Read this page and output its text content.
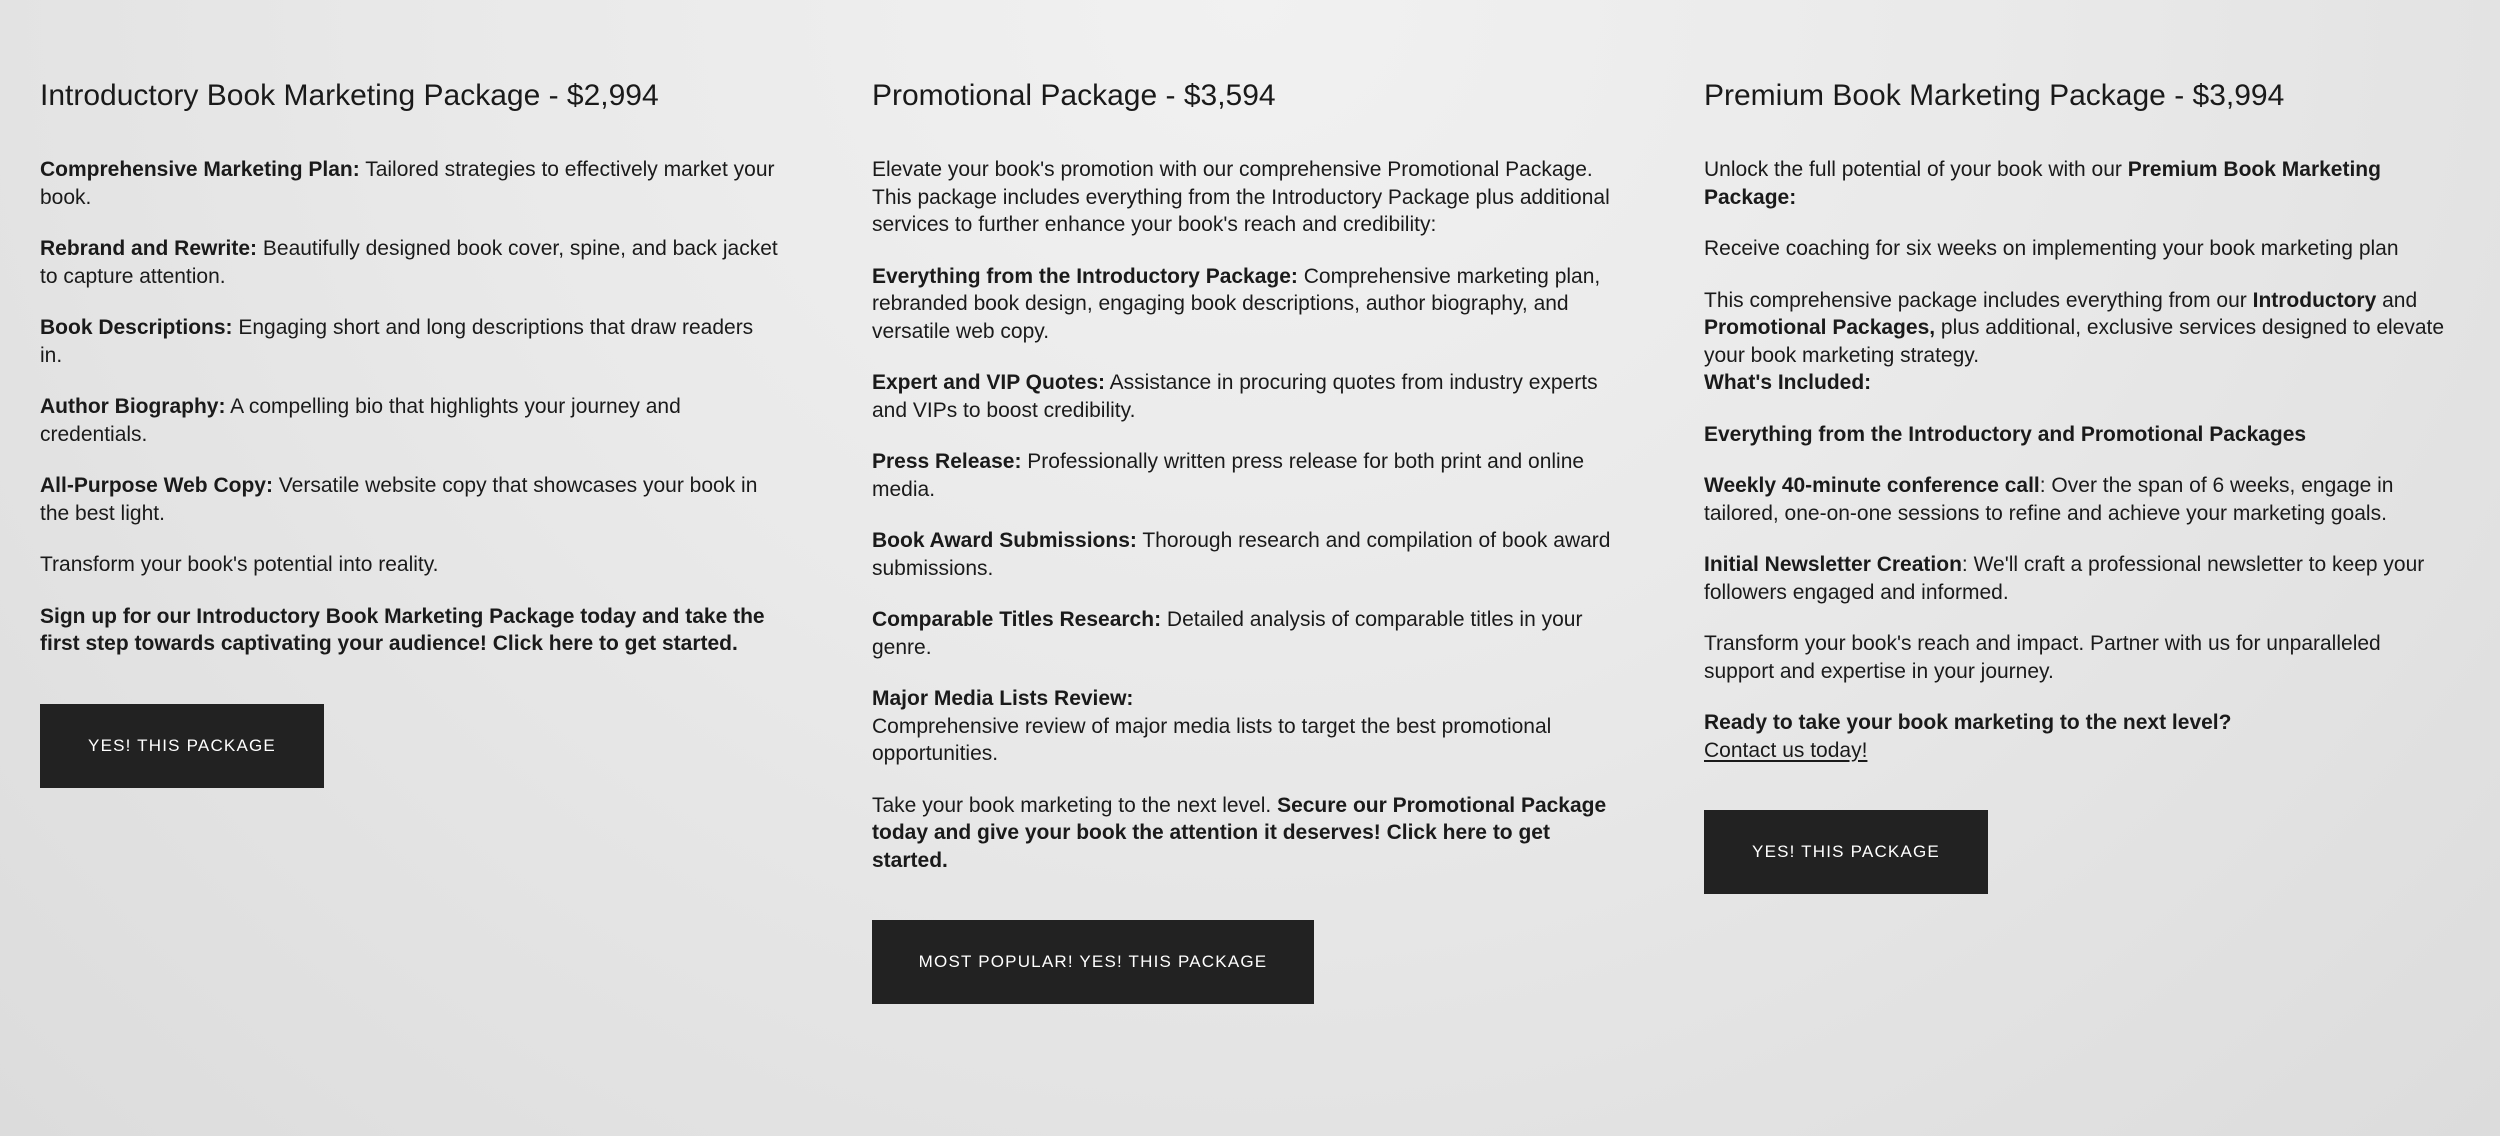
Introductory Book Marketing Package - $2,994

Comprehensive Marketing Plan: Tailored strategies to effectively market your book.

Rebrand and Rewrite: Beautifully designed book cover, spine, and back jacket to capture attention.

Book Descriptions: Engaging short and long descriptions that draw readers in.

Author Biography: A compelling bio that highlights your journey and credentials.

All-Purpose Web Copy: Versatile website copy that showcases your book in the best light.

Transform your book's potential into reality.

Sign up for our Introductory Book Marketing Package today and take the first step towards captivating your audience! Click here to get started.

YES! THIS PACKAGE
Promotional Package - $3,594

Elevate your book's promotion with our comprehensive Promotional Package. This package includes everything from the Introductory Package plus additional services to further enhance your book's reach and credibility:

Everything from the Introductory Package: Comprehensive marketing plan, rebranded book design, engaging book descriptions, author biography, and versatile web copy.

Expert and VIP Quotes: Assistance in procuring quotes from industry experts and VIPs to boost credibility.

Press Release: Professionally written press release for both print and online media.

Book Award Submissions: Thorough research and compilation of book award submissions.

Comparable Titles Research: Detailed analysis of comparable titles in your genre.

Major Media Lists Review:
Comprehensive review of major media lists to target the best promotional opportunities.

Take your book marketing to the next level. Secure our Promotional Package today and give your book the attention it deserves! Click here to get started.

MOST POPULAR! YES! THIS PACKAGE
Premium Book Marketing Package - $3,994

Unlock the full potential of your book with our Premium Book Marketing Package:

Receive coaching for six weeks on implementing your book marketing plan

This comprehensive package includes everything from our Introductory and Promotional Packages, plus additional, exclusive services designed to elevate your book marketing strategy.

What's Included:

Everything from the Introductory and Promotional Packages

Weekly 40-minute conference call: Over the span of 6 weeks, engage in tailored, one-on-one sessions to refine and achieve your marketing goals.

Initial Newsletter Creation: We'll craft a professional newsletter to keep your followers engaged and informed.

Transform your book's reach and impact. Partner with us for unparalleled support and expertise in your journey.

Ready to take your book marketing to the next level?
Contact us today!

YES! THIS PACKAGE
